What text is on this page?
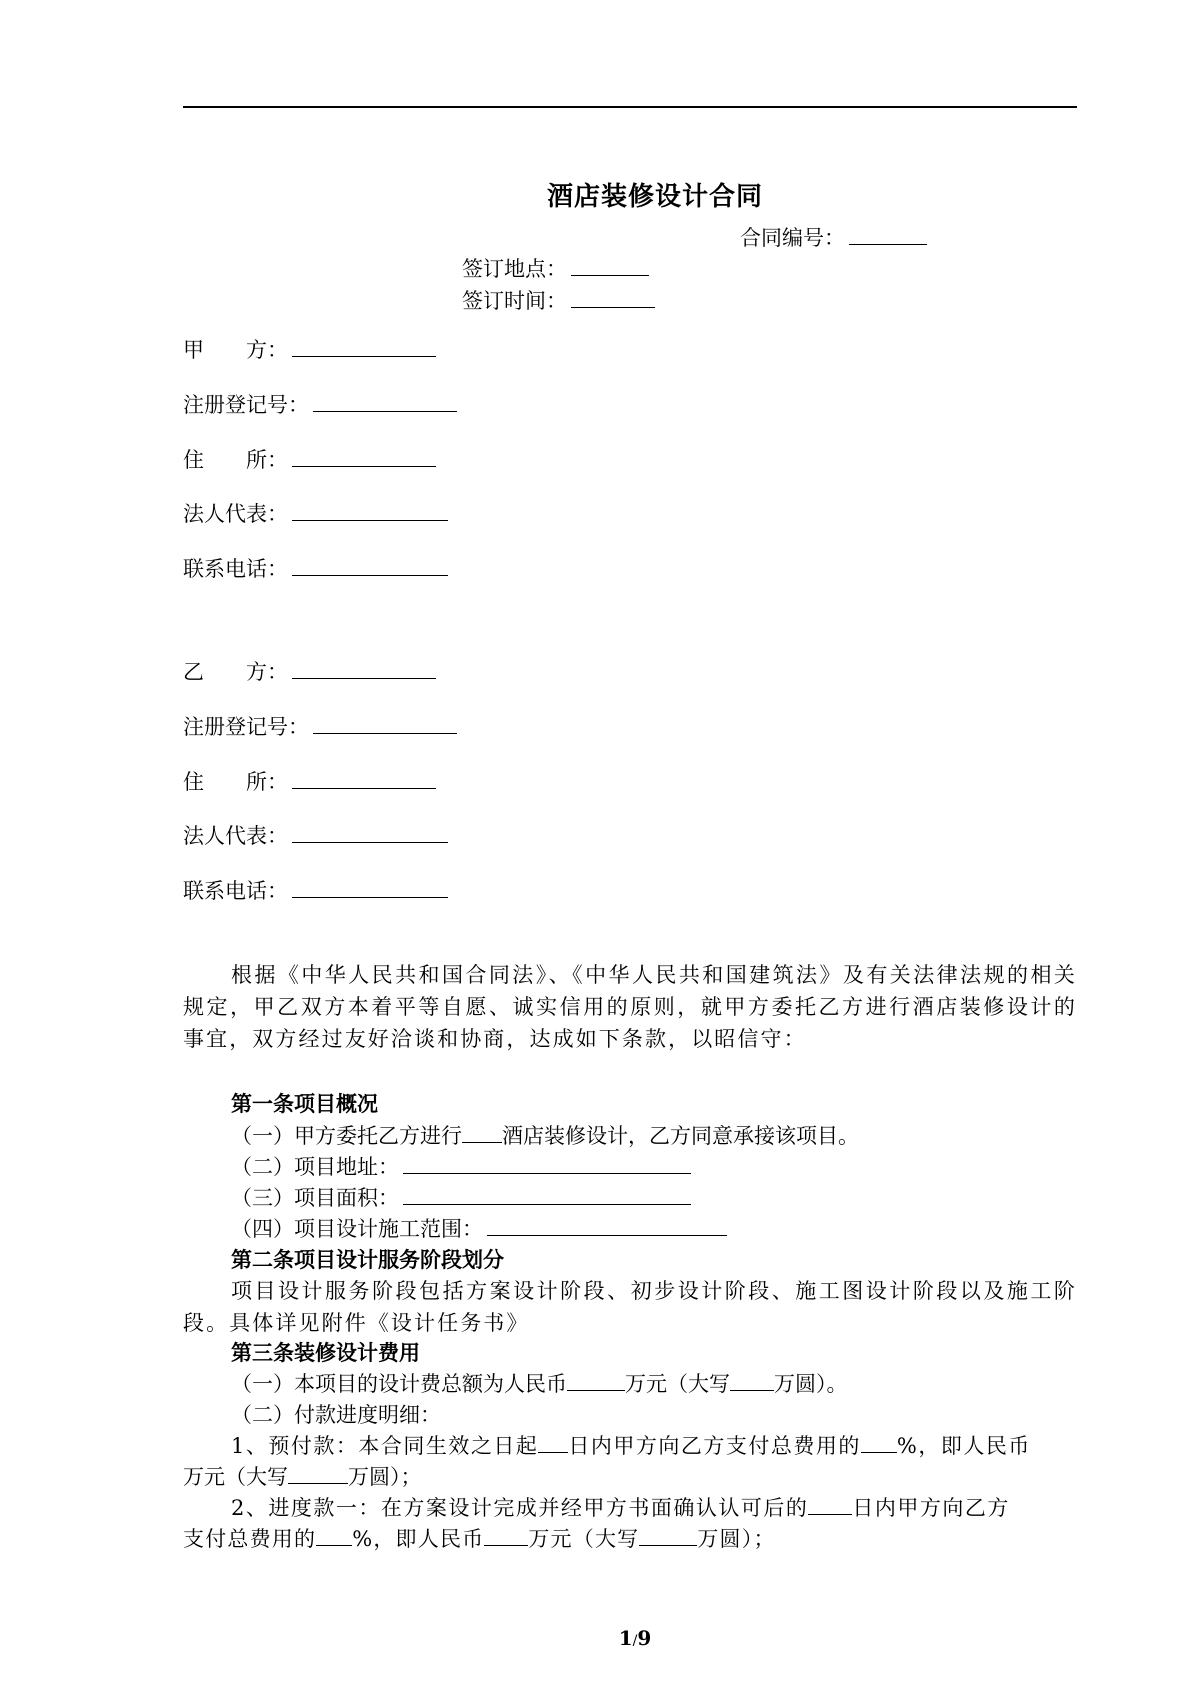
酒店装修设计合同
合同编号：
签订地点：
签订时间：
甲　　方：
注册登记号：
住　　所：
法人代表：
联系电话：
乙　　方：
注册登记号：
住　　所：
法人代表：
联系电话：
根据《中华人民共和国合同法》、《中华人民共和国建筑法》及有关法律法规的相关规定，甲乙双方本着平等自愿、诚实信用的原则，就甲方委托乙方进行酒店装修设计的事宜，双方经过友好洽谈和协商，达成如下条款，以昭信守：
第一条项目概况
（一）甲方委托乙方进行 酒店装修设计，乙方同意承接该项目。
（二）项目地址：
（三）项目面积：
（四）项目设计施工范围：
第二条项目设计服务阶段划分
项目设计服务阶段包括方案设计阶段、初步设计阶段、施工图设计阶段以及施工阶段。具体详见附件《设计任务书》
第三条装修设计费用
（一）本项目的设计费总额为人民币	万元（大写 万圆）。
（二）付款进度明细：
1、预付款：本合同生效之日起 日内甲方向乙方支付总费用的 %，即人民币
万元（大写	万圆）；
2、进度款一：在方案设计完成并经甲方书面确认认可后的 日内甲方向乙方
支付总费用的 %，即人民币 万元（大写	万圆）；
1/9
